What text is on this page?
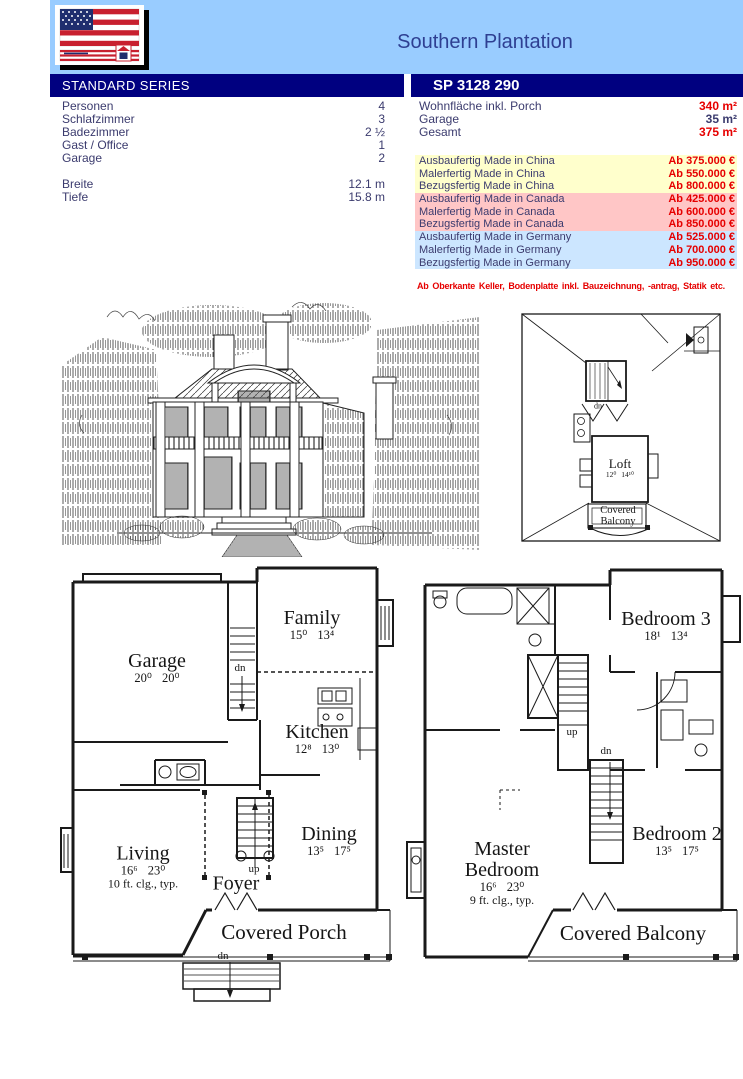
Southern Plantation
STANDARD SERIES	SP 3128 290
Personen	4
Schlafzimmer	3
Badezimmer	2 ½
Gast / Office	1
Garage	2
Breite	12.1 m
Tiefe	15.8 m
Wohnfläche inkl. Porch	340 m²
Garage	35 m²
Gesamt	375 m²
Ausbaufertig Made in China	Ab 375.000 €
Malerfertig Made in China	Ab 550.000 €
Bezugsfertig Made in China	Ab 800.000 €
Ausbaufertig Made in Canada	Ab 425.000 €
Malerfertig Made in Canada	Ab 600.000 €
Bezugsfertig Made in Canada	Ab 850.000 €
Ausbaufertig Made in Germany	Ab 525.000 €
Malerfertig Made in Germany	Ab 700.000 €
Bezugsfertig Made in Germany	Ab 950.000 €
Ab Oberkante Keller, Bodenplatte inkl. Bauzeichnung, -antrag, Statik etc.
dn
Loft
12⁰ 14¹⁰
Covered
Balcony
Garage
20⁰ 20⁰
Family
15⁰ 13⁴
dn
Kitchen
12⁸ 13⁰
Living
16⁶ 23⁰
10 ft. clg., typ.
Dining
13⁵ 17⁵
Foyer
up
Covered Porch
dn
Bedroom 3
18¹ 13⁴
up
dn
Master
Bedroom
16⁶ 23⁰
9 ft. clg., typ.
Bedroom 2
13⁵ 17⁵
Covered Balcony
